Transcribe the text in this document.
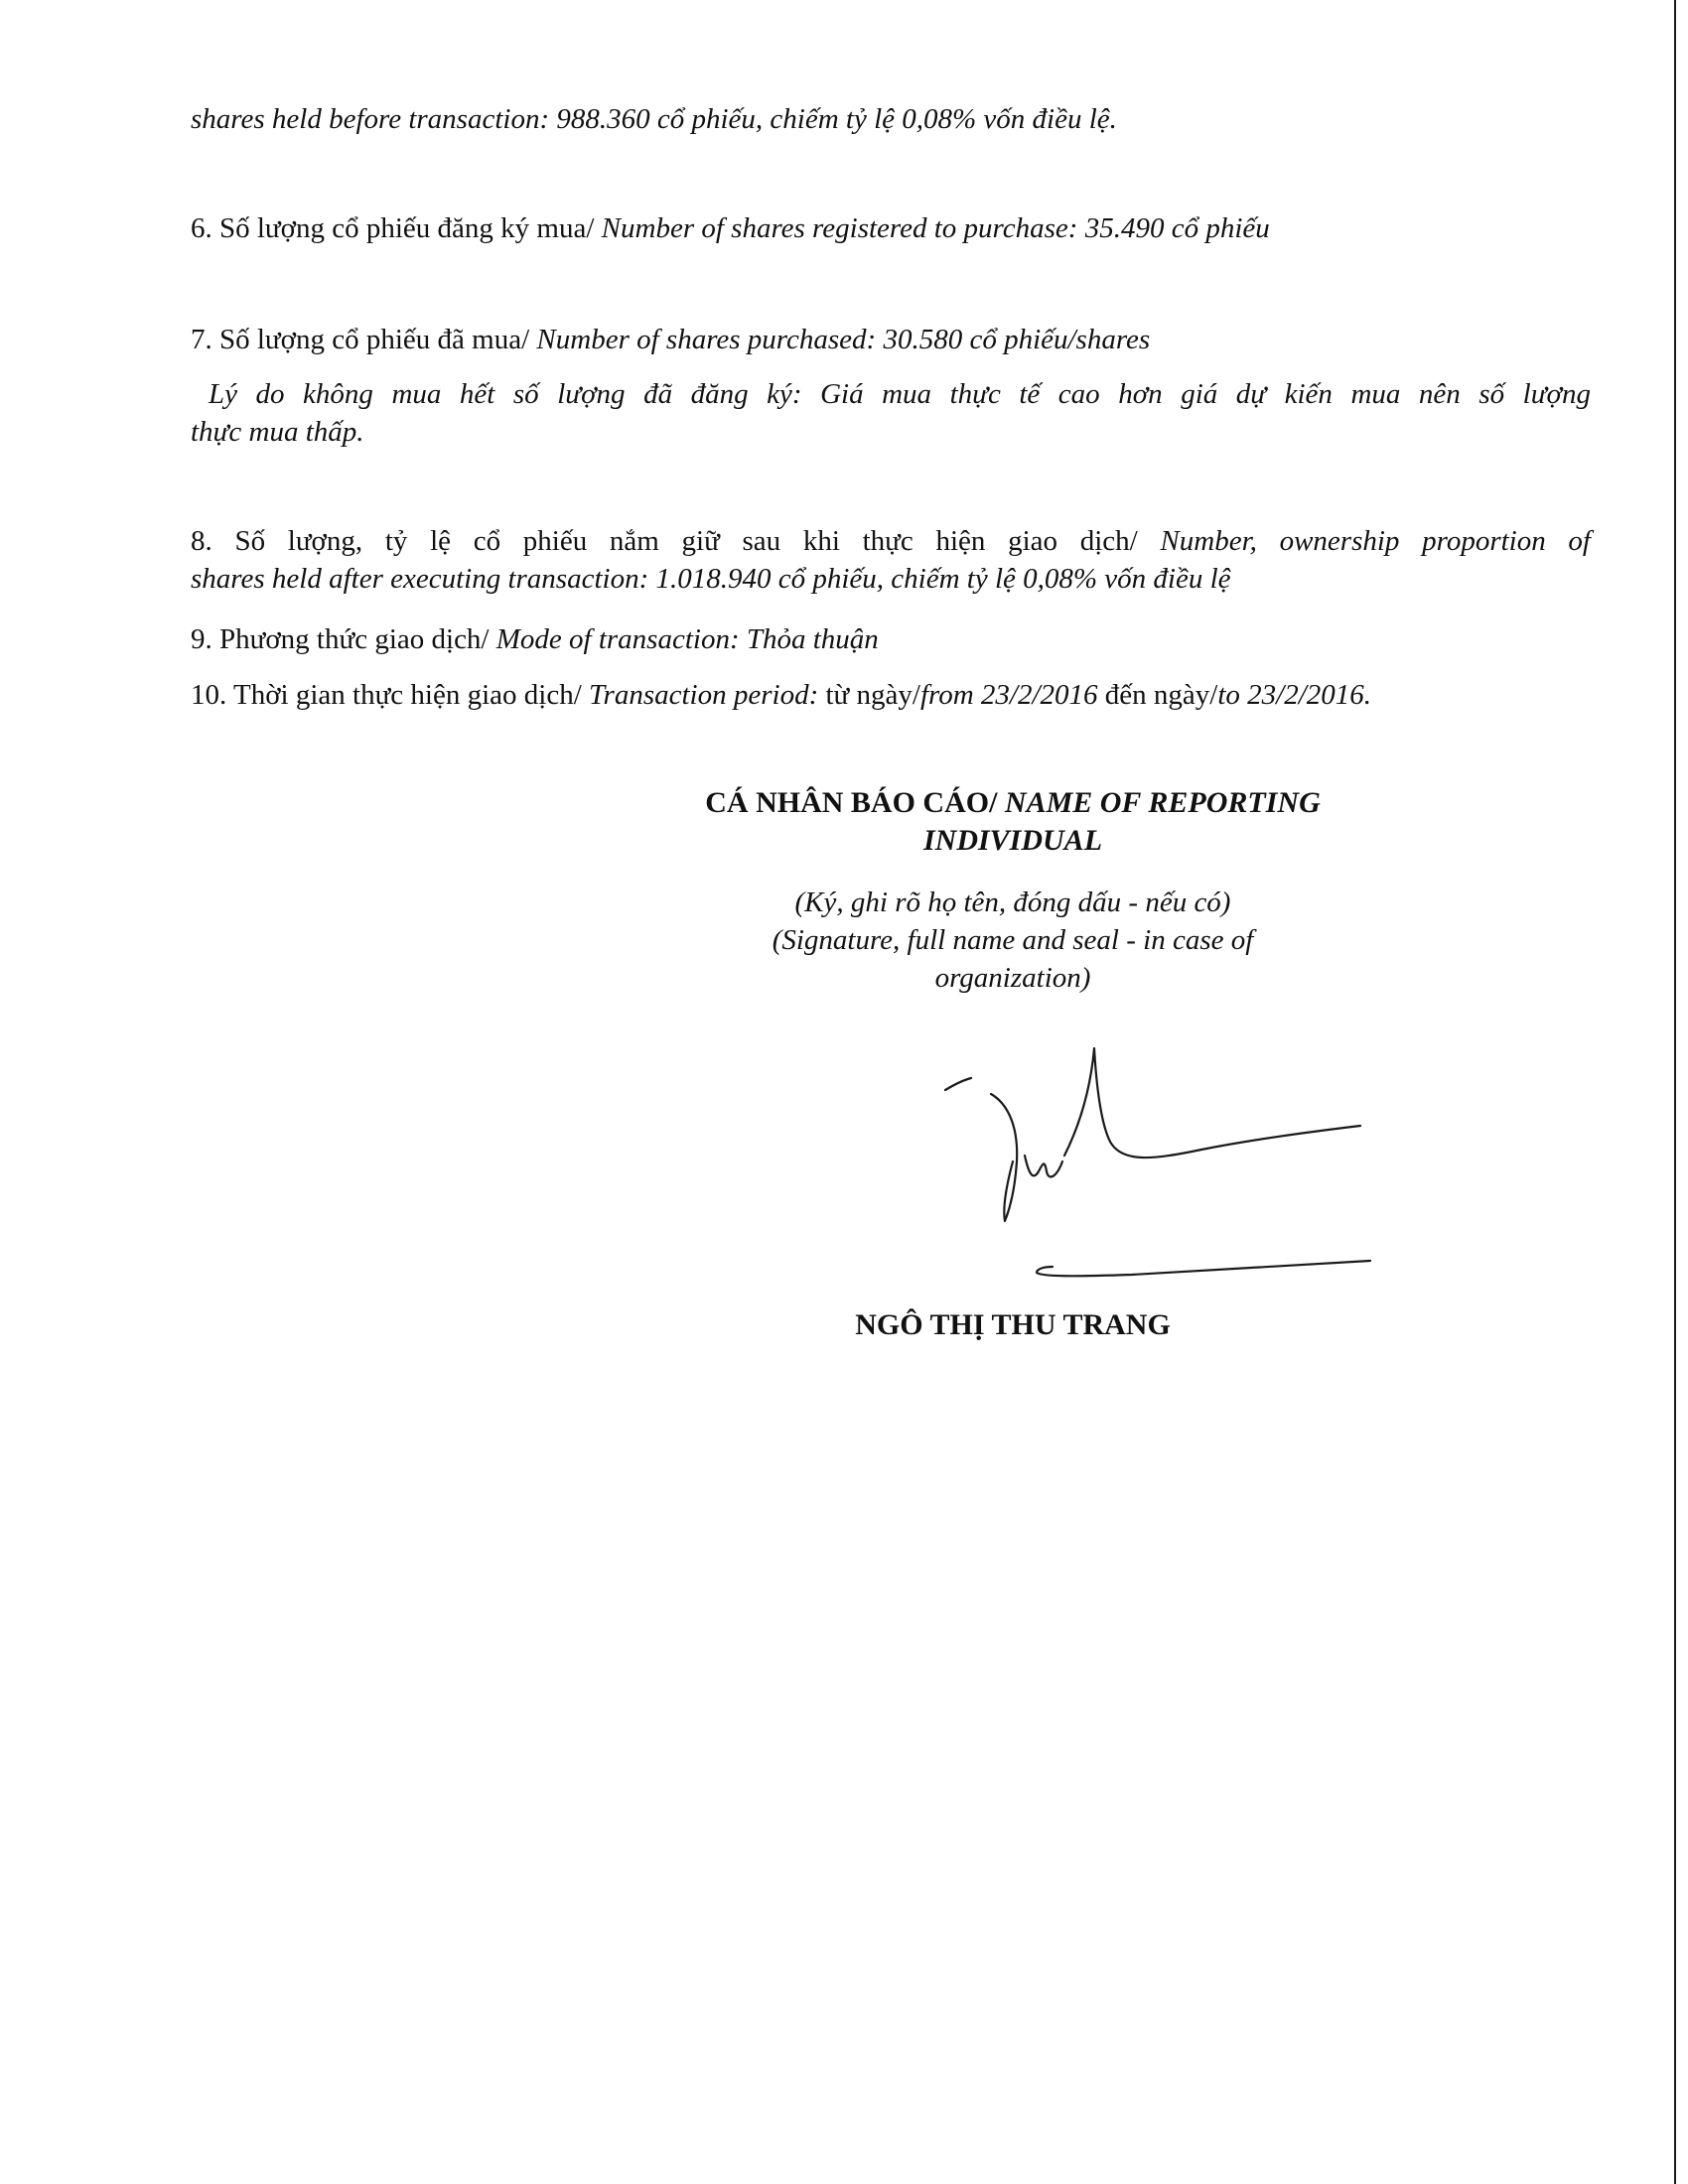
shares held before transaction: 988.360 cổ phiếu, chiếm tỷ lệ 0,08% vốn điều lệ.
6. Số lượng cổ phiếu đăng ký mua/ Number of shares registered to purchase: 35.490 cổ phiếu
7. Số lượng cổ phiếu đã mua/ Number of shares purchased: 30.580 cổ phiếu/shares
Lý do không mua hết số lượng đã đăng ký: Giá mua thực tế cao hơn giá dự kiến mua nên số lượng
thực mua thấp.
8. Số lượng, tỷ lệ cổ phiếu nắm giữ sau khi thực hiện giao dịch/ Number, ownership proportion of
shares held after executing transaction: 1.018.940 cổ phiếu, chiếm tỷ lệ 0,08% vốn điều lệ
9. Phương thức giao dịch/ Mode of transaction: Thỏa thuận
10. Thời gian thực hiện giao dịch/ Transaction period: từ ngày/from 23/2/2016 đến ngày/to 23/2/2016.
CÁ NHÂN BÁO CÁO/ NAME OF REPORTING
INDIVIDUAL
(Ký, ghi rõ họ tên, đóng dấu - nếu có)
(Signature, full name and seal - in case of
organization)
NGÔ THỊ THU TRANG
